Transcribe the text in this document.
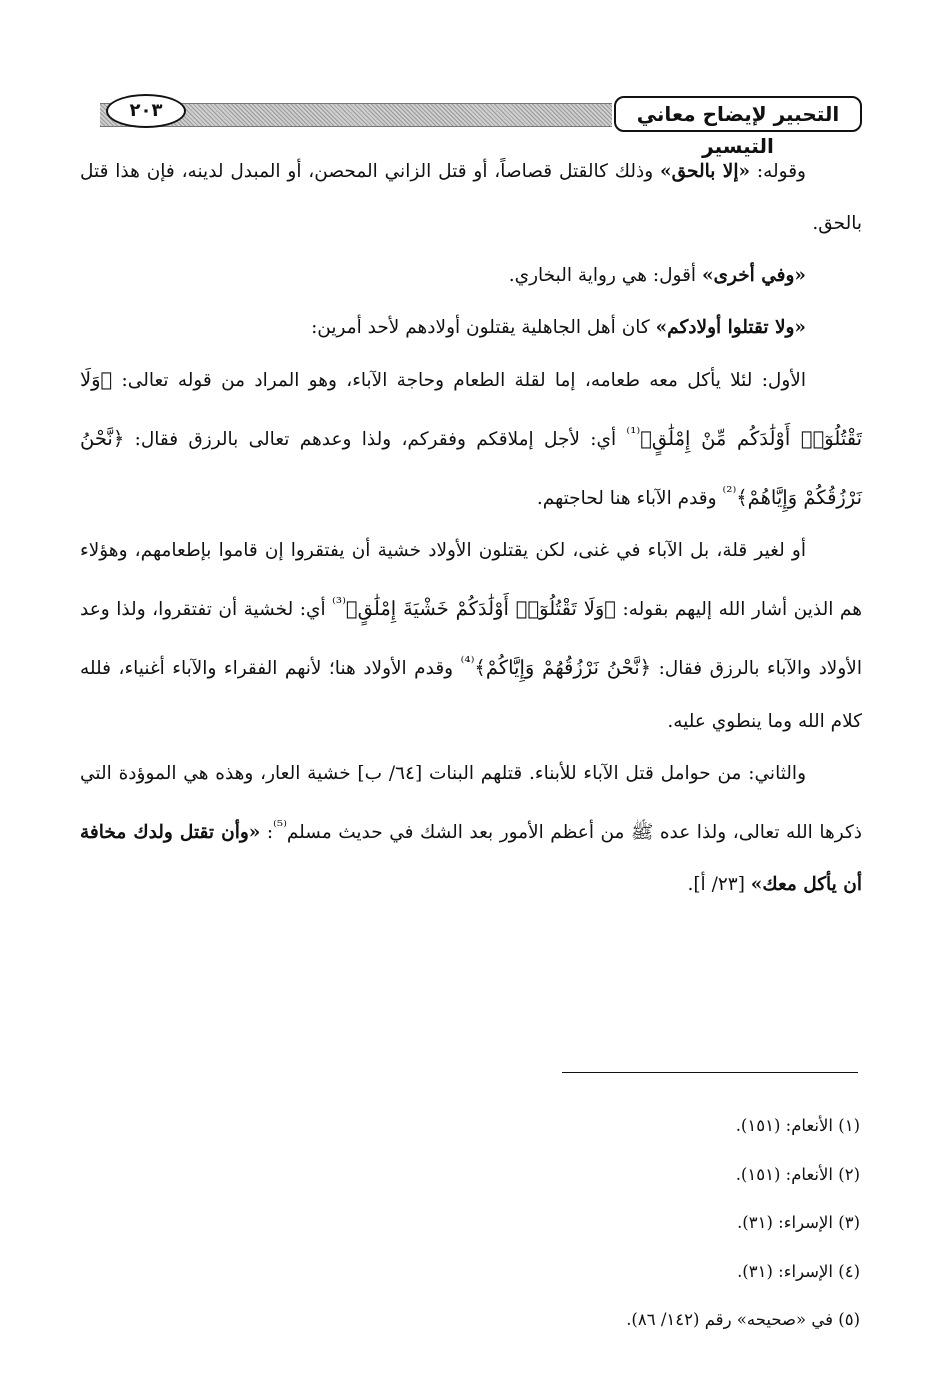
٢٠٣	التحبير لإيضاح معاني التيسير

وقوله: «إلا بالحق» وذلك كالقتل قصاصاً، أو قتل الزاني المحصن، أو المبدل لدينه، فإن هذا قتل بالحق.

«وفي أخرى» أقول: هي رواية البخاري.

«ولا تقتلوا أولادكم» كان أهل الجاهلية يقتلون أولادهم لأحد أمرين:

الأول: لئلا يأكل معه طعامه، إما لقلة الطعام وحاجة الآباء، وهو المراد من قوله تعالى: ﴿وَلَا تَقْتُلُوٓا۟ أَوْلَٰدَكُم مِّنْ إِمْلَٰقٍ﴾$^{^{(1)}}$ أي: لأجل إملاقكم وفقركم، ولذا وعدهم تعالى بالرزق فقال: ﴿نَّحْنُ نَرْزُقُكُمْ وَإِيَّاهُمْ﴾$^{^{(2)}}$ وقدم الآباء هنا لحاجتهم.

أو لغير قلة، بل الآباء في غنى، لكن يقتلون الأولاد خشية أن يفتقروا إن قاموا بإطعامهم، وهؤلاء هم الذين أشار الله إليهم بقوله: ﴿وَلَا تَقْتُلُوٓا۟ أَوْلَٰدَكُمْ خَشْيَةَ إِمْلَٰقٍ﴾$^{^{(3)}}$ أي: لخشية أن تفتقروا، ولذا وعد الأولاد والآباء بالرزق فقال: ﴿نَّحْنُ نَرْزُقُهُمْ وَإِيَّاكُمْ﴾$^{^{(4)}}$ وقدم الأولاد هنا؛ لأنهم الفقراء والآباء أغنياء، فلله كلام الله وما ينطوي عليه.

والثاني: من حوامل قتل الآباء للأبناء. قتلهم البنات [٦٤/ ب] خشية العار، وهذه هي الموؤدة التي ذكرها الله تعالى، ولذا عده ﷺ من أعظم الأمور بعد الشك في حديث مسلم$^{^{(5)}}$: «وأن تقتل ولدك مخافة أن يأكل معك» [٢٣/ أ].

(١) الأنعام: (١٥١).
(٢) الأنعام: (١٥١).
(٣) الإسراء: (٣١).
(٤) الإسراء: (٣١).
(٥) في «صحيحه» رقم (١٤٢/ ٨٦).
